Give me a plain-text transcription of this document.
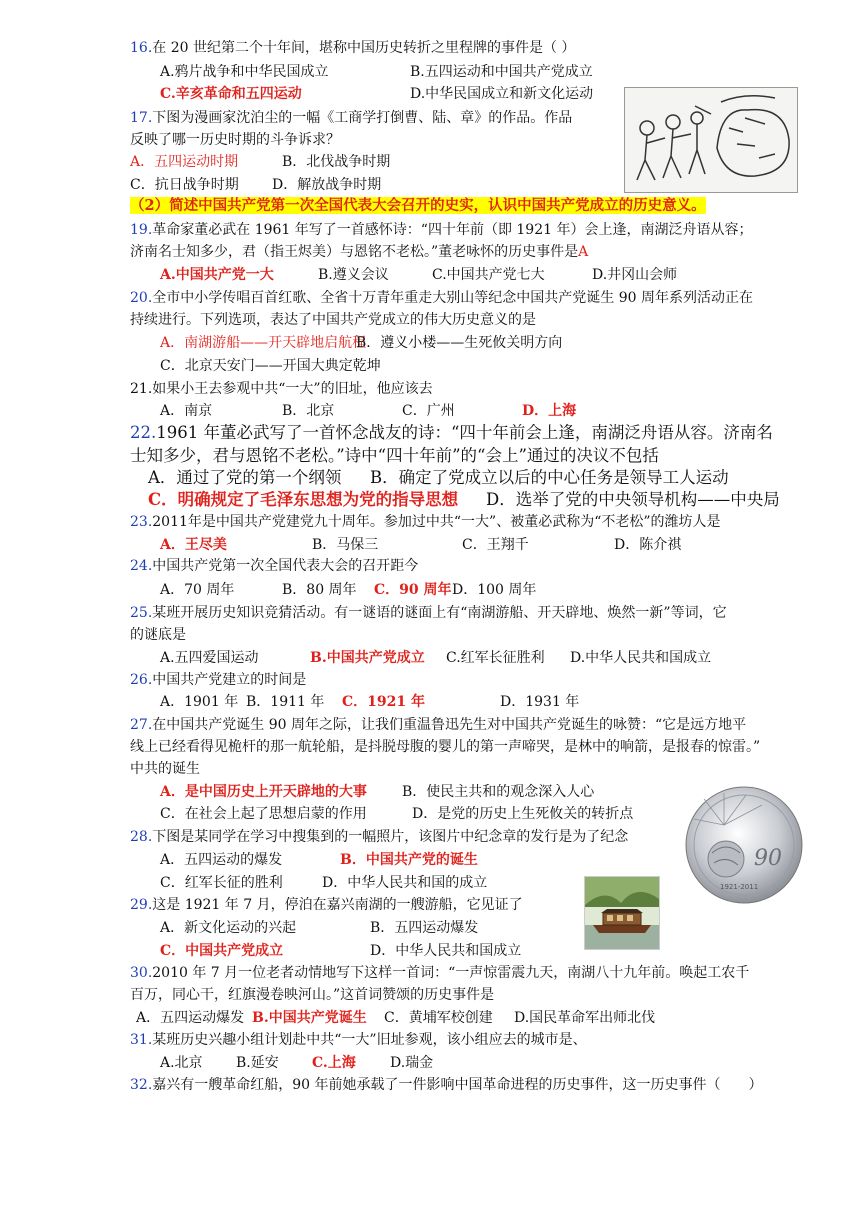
16.在 20 世纪第二个十年间，堪称中国历史转折之里程牌的事件是（ ）
A.鸦片战争和中华民国成立	B.五四运动和中国共产党成立
C.辛亥革命和五四运动	D.中华民国成立和新文化运动
17.下图为漫画家沈泊尘的一幅《工商学打倒曹、陆、章》的作品。作品
反映了哪一历史时期的斗争诉求？
A．五四运动时期	B．北伐战争时期
C．抗日战争时期 D．解放战争时期
（2）简述中国共产党第一次全国代表大会召开的史实，认识中国共产党成立的历史意义。
19.革命家董必武在 1961 年写了一首感怀诗：“四十年前（即 1921 年）会上逢，南湖泛舟语从容；
济南名士知多少，君（指王烬美）与恩铭不老松。”董老咏怀的历史事件是A
A.中国共产党一大	B.遵义会议	C.中国共产党七大	D.井冈山会师
20.全市中小学传唱百首红歌、全省十万青年重走大别山等纪念中国共产党诞生 90 周年系列活动正在
持续进行。下列选项，表达了中国共产党成立的伟大历史意义的是
A．南湖游船——开天辟地启航程
B．遵义小楼——生死攸关明方向
C．北京天安门——开国大典定乾坤
21.如果小王去参观中共“一大”的旧址，他应该去
A．南京	B．北京	C．广州	D．上海
22.1961 年董必武写了一首怀念战友的诗：“四十年前会上逢，南湖泛舟语从容。济南名
士知多少，君与恩铭不老松。”诗中“四十年前”的“会上”通过的决议不包括
A．通过了党的第一个纲领 B．确定了党成立以后的中心任务是领导工人运动
C．明确规定了毛泽东思想为党的指导思想 D．选举了党的中央领导机构——中央局
23.2011年是中国共产党建党九十周年。参加过中共“一大”、被董必武称为“不老松”的潍坊人是
A．王尽美	B．马保三	C．王翔千	D．陈介祺
24.中国共产党第一次全国代表大会的召开距今
A．70 周年	B．80 周年 C．90 周年 D．100 周年
25.某班开展历史知识竞猜活动。有一谜语的谜面上有“南湖游船、开天辟地、焕然一新”等词，它
的谜底是
A.五四爱国运动	B.中国共产党成立 C.红军长征胜利 D.中华人民共和国成立
26.中国共产党建立的时间是
A．1901 年 B．1911 年 C．1921 年	D．1931 年
27.在中国共产党诞生 90 周年之际，让我们重温鲁迅先生对中国共产党诞生的咏赞：“它是远方地平
线上已经看得见桅杆的那一航轮船，是抖脱母腹的婴儿的第一声啼哭，是林中的响箭，是报春的惊雷。”
中共的诞生
A．是中国历史上开天辟地的大事	B．使民主共和的观念深入人心
C．在社会上起了思想启蒙的作用	D．是党的历史上生死攸关的转折点
90
1921-2011
28.下图是某同学在学习中搜集到的一幅照片，该图片中纪念章的发行是为了纪念
A．五四运动的爆发	B．中国共产党的诞生
C．红军长征的胜利	D．中华人民共和国的成立
29.这是 1921 年 7 月，停泊在嘉兴南湖的一艘游船，它见证了
A．新文化运动的兴起	B．五四运动爆发
C．中国共产党成立	D．中华人民共和国成立
30.2010 年 7 月一位老者动情地写下这样一首词：“一声惊雷震九天，南湖八十九年前。唤起工农千
百万，同心干，红旗漫卷映河山。”这首词赞颂的历史事件是
A．五四运动爆发 B.中国共产党诞生 C．黄埔军校创建 D.国民革命军出师北伐
31.某班历史兴趣小组计划赴中共“一大”旧址参观，该小组应去的城市是、
A.北京 B.延安 C.上海 D.瑞金
32.嘉兴有一艘革命红船，90 年前她承载了一件影响中国革命进程的历史事件，这一历史事件（　　）
